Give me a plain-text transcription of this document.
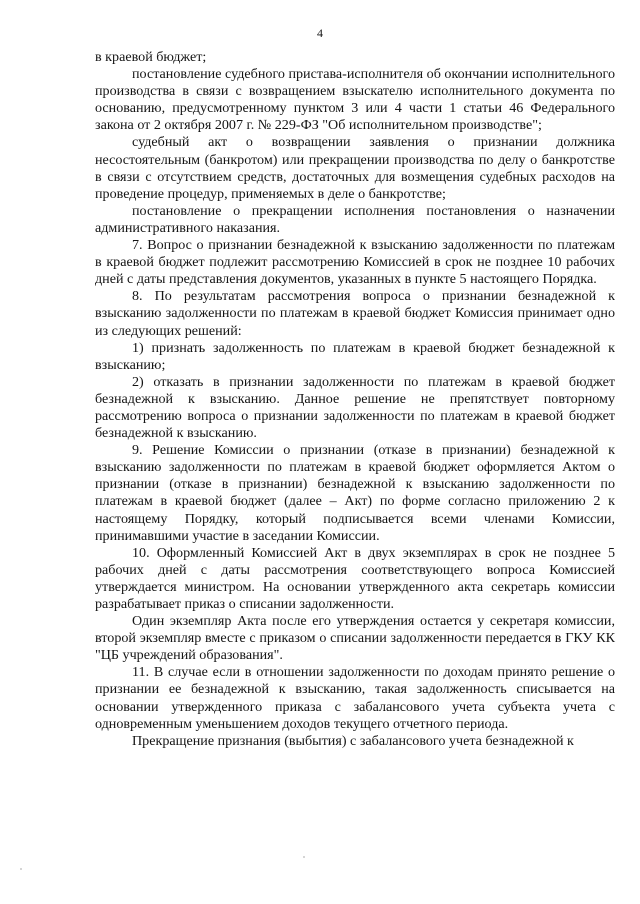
4

в краевой бюджет;

постановление судебного пристава-исполнителя об окончании исполнительного производства в связи с возвращением взыскателю исполнительного документа по основанию, предусмотренному пунктом 3 или 4 части 1 статьи 46 Федерального закона от 2 октября 2007 г. № 229-ФЗ "Об исполнительном производстве";

судебный акт о возвращении заявления о признании должника несостоятельным (банкротом) или прекращении производства по делу о банкротстве в связи с отсутствием средств, достаточных для возмещения судебных расходов на проведение процедур, применяемых в деле о банкротстве;

постановление о прекращении исполнения постановления о назначении административного наказания.

7. Вопрос о признании безнадежной к взысканию задолженности по платежам в краевой бюджет подлежит рассмотрению Комиссией в срок не позднее 10 рабочих дней с даты представления документов, указанных в пункте 5 настоящего Порядка.

8. По результатам рассмотрения вопроса о признании безнадежной к взысканию задолженности по платежам в краевой бюджет Комиссия принимает одно из следующих решений:

1) признать задолженность по платежам в краевой бюджет безнадежной к взысканию;

2) отказать в признании задолженности по платежам в краевой бюджет безнадежной к взысканию. Данное решение не препятствует повторному рассмотрению вопроса о признании задолженности по платежам в краевой бюджет безнадежной к взысканию.

9. Решение Комиссии о признании (отказе в признании) безнадежной к взысканию задолженности по платежам в краевой бюджет оформляется Актом о признании (отказе в признании) безнадежной к взысканию задолженности по платежам в краевой бюджет (далее – Акт) по форме согласно приложению 2 к настоящему Порядку, который подписывается всеми членами Комиссии, принимавшими участие в заседании Комиссии.

10. Оформленный Комиссией Акт в двух экземплярах в срок не позднее 5 рабочих дней с даты рассмотрения соответствующего вопроса Комиссией утверждается министром. На основании утвержденного акта секретарь комиссии разрабатывает приказ о списании задолженности.

Один экземпляр Акта после его утверждения остается у секретаря комиссии, второй экземпляр вместе с приказом о списании задолженности передается в ГКУ КК "ЦБ учреждений образования".

11. В случае если в отношении задолженности по доходам принято решение о признании ее безнадежной к взысканию, такая задолженность списывается на основании утвержденного приказа с забалансового учета субъекта учета с одновременным уменьшением доходов текущего отчетного периода.

Прекращение признания (выбытия) с забалансового учета безнадежной к
